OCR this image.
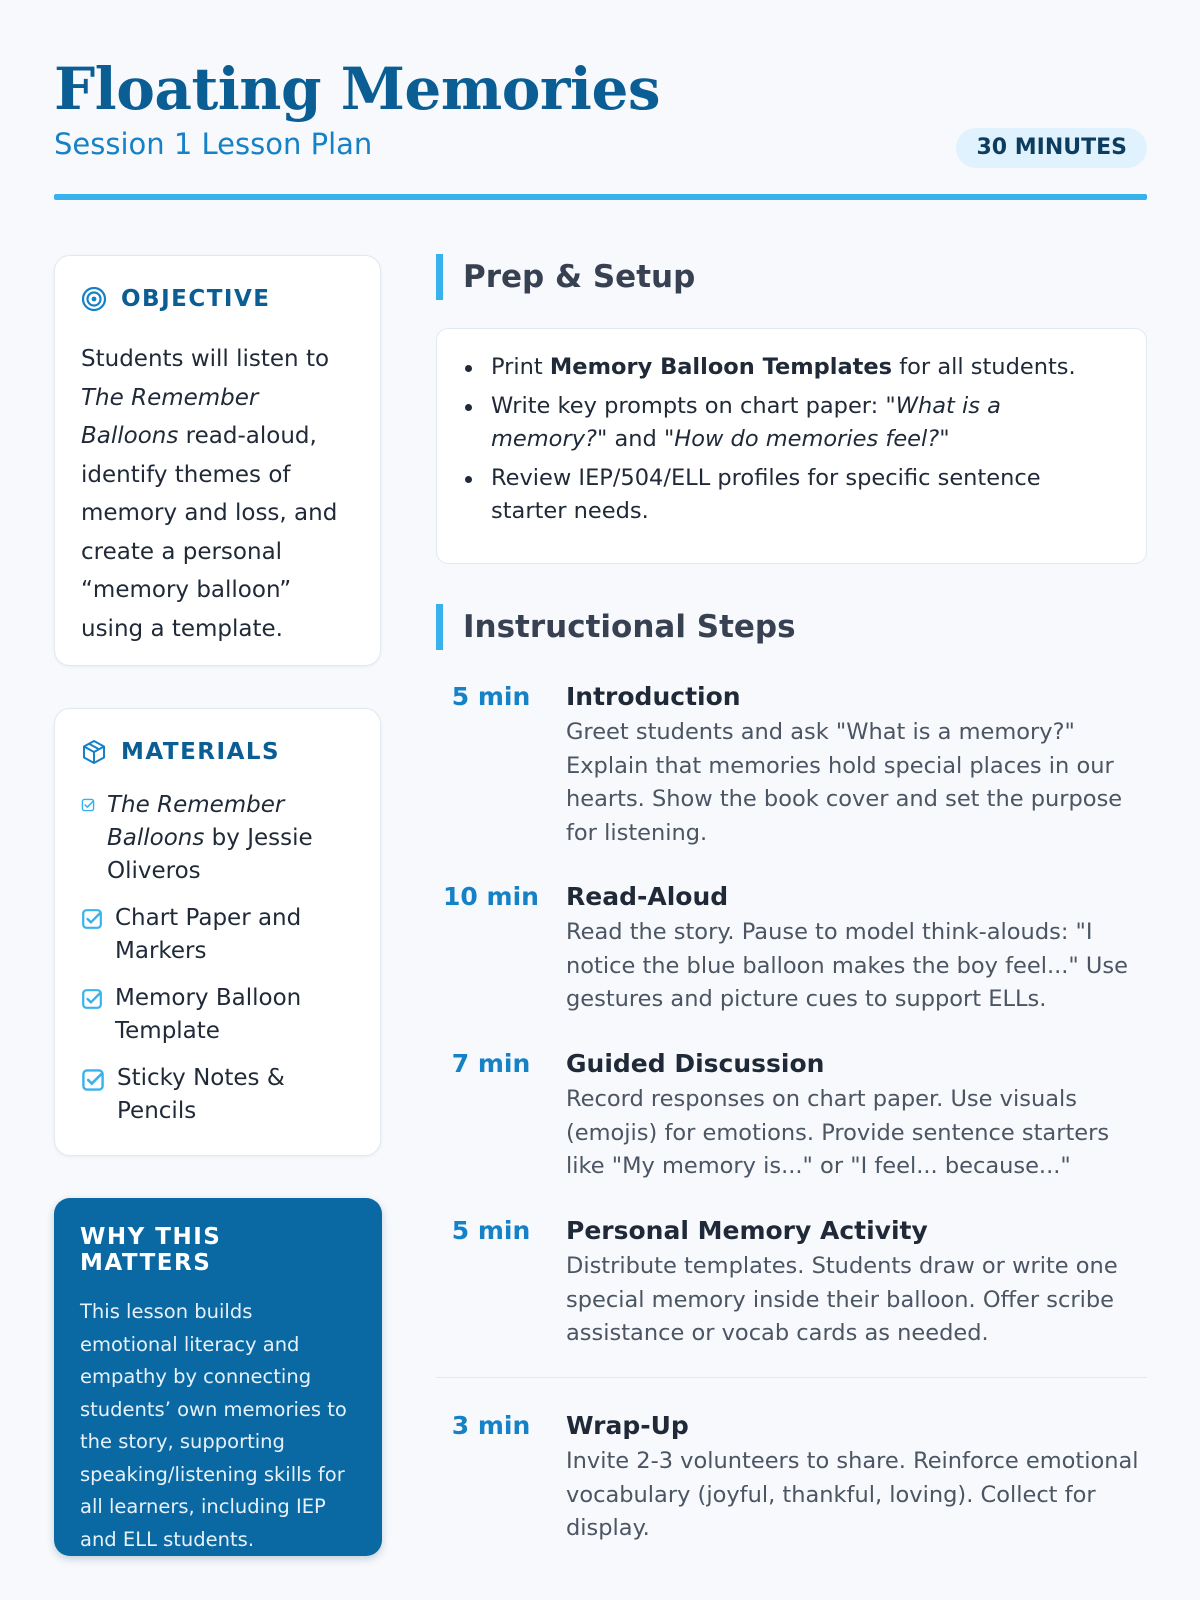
Floating Memories
Session 1 Lesson Plan	30 MINUTES
OBJECTIVE

Students will listen to The Remember Balloons read-aloud, identify themes of memory and loss, and create a personal “memory balloon” using a template.

MATERIALS
The Remember Balloons by Jessie Oliveros
Chart Paper and Markers
Memory Balloon Template
Sticky Notes & Pencils
WHY THIS MATTERS

This lesson builds emotional literacy and empathy by connecting students’ own memories to the story, supporting speaking/listening skills for all learners, including IEP and ELL students.

Prep & Setup
Print Memory Balloon Templates for all students.
Write key prompts on chart paper: "What is a memory?" and "How do memories feel?"
Review IEP/504/ELL profiles for specific sentence starter needs.
Instructional Steps
5 min	Introduction
Greet students and ask "What is a memory?" Explain that memories hold special places in our hearts. Show the book cover and set the purpose for listening.
10 min Read-Aloud
Read the story. Pause to model think-alouds: "I notice the blue balloon makes the boy feel..." Use gestures and picture cues to support ELLs.
7 min	Guided Discussion
Record responses on chart paper. Use visuals (emojis) for emotions. Provide sentence starters like "My memory is..." or "I feel... because..."
5 min	Personal Memory Activity
Distribute templates. Students draw or write one special memory inside their balloon. Offer scribe assistance or vocab cards as needed.
3 min	Wrap-Up
Invite 2-3 volunteers to share. Reinforce emotional vocabulary (joyful, thankful, loving). Collect for display.
